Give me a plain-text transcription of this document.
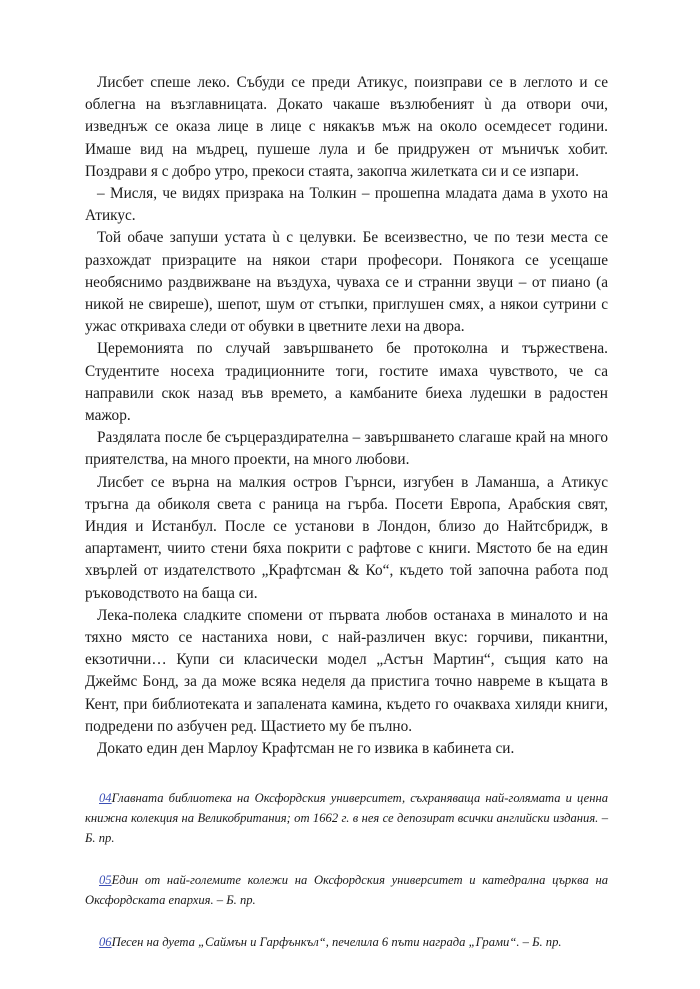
Лисбет спеше леко. Събуди се преди Атикус, поизправи се в леглото и се облегна на възглавницата. Докато чакаше възлюбеният ù да отвори очи, изведнъж се оказа лице в лице с някакъв мъж на около осемдесет години. Имаше вид на мъдрец, пушеше лула и бе придружен от мъничък хобит. Поздрави я с добро утро, прекоси стаята, закопча жилетката си и се изпари.

– Мисля, че видях призрака на Толкин – прошепна младата дама в ухото на Атикус.

Той обаче запуши устата ù с целувки. Бе всеизвестно, че по тези места се разхождат призраците на някои стари професори. Понякога се усещаше необяснимо раздвижване на въздуха, чуваха се и странни звуци – от пиано (а никой не свиреше), шепот, шум от стъпки, приглушен смях, а някои сутрини с ужас откриваха следи от обувки в цветните лехи на двора.

Церемонията по случай завършването бе протоколна и тържествена. Студентите носеха традиционните тоги, гостите имаха чувството, че са направили скок назад във времето, а камбаните биеха лудешки в радостен мажор.

Раздялата после бе сърцераздирателна – завършването слагаше край на много приятелства, на много проекти, на много любови.

Лисбет се върна на малкия остров Гърнси, изгубен в Ламанша, а Атикус тръгна да обиколя света с раница на гърба. Посети Европа, Арабския свят, Индия и Истанбул. После се установи в Лондон, близо до Найтсбридж, в апартамент, чиито стени бяха покрити с рафтове с книги. Мястото бе на един хвърлей от издателството „Крафтсман & Ко“, където той започна работа под ръководството на баща си.

Лека-полека сладките спомени от първата любов останаха в миналото и на тяхно място се настаниха нови, с най-различен вкус: горчиви, пикантни, екзотични… Купи си класически модел „Астън Мартин“, същия като на Джеймс Бонд, за да може всяка неделя да пристига точно навреме в къщата в Кент, при библиотеката и запалената камина, където го очакваха хиляди книги, подредени по азбучен ред. Щастието му бе пълно.

Докато един ден Марлоу Крафтсман не го извика в кабинета си.

04Главната библиотека на Оксфордския университет, съхраняваща най-голямата и ценна книжна колекция на Великобритания; от 1662 г. в нея се депозират всички английски издания. – Б. пр.

05Един от най-големите колежи на Оксфордския университет и катедрална църква на Оксфордската епархия. – Б. пр.

06Песен на дуета „Саймън и Гарфънкъл“, печелила 6 пъти награда „Грами“. – Б. пр.
